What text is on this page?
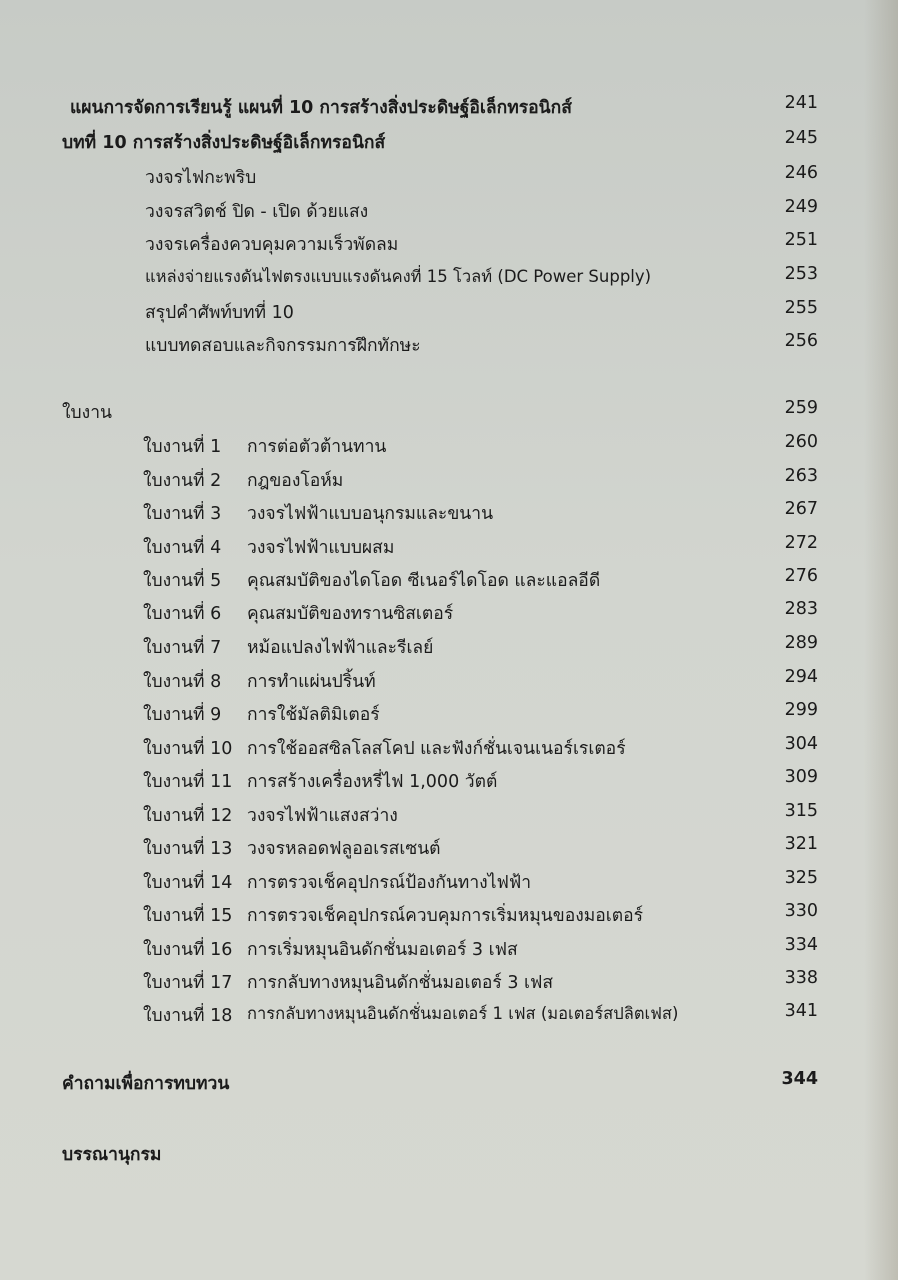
แผนการจัดการเรียนรู้ แผนที่ 10 การสร้างสิ่งประดิษฐ์อิเล็กทรอนิกส์	241
บทที่ 10 การสร้างสิ่งประดิษฐ์อิเล็กทรอนิกส์	245
วงจรไฟกะพริบ	246
วงจรสวิตช์ ปิด - เปิด ด้วยแสง	249
วงจรเครื่องควบคุมความเร็วพัดลม	251
แหล่งจ่ายแรงดันไฟตรงแบบแรงดันคงที่ 15 โวลท์ (DC Power Supply)	253
สรุปคำศัพท์บทที่ 10	255
แบบทดสอบและกิจกรรมการฝึกทักษะ	256
ใบงาน	259
ใบงานที่ 1 การต่อตัวต้านทาน	260
ใบงานที่ 2 กฎของโอห์ม	263
ใบงานที่ 3 วงจรไฟฟ้าแบบอนุกรมและขนาน	267
ใบงานที่ 4 วงจรไฟฟ้าแบบผสม	272
ใบงานที่ 5 คุณสมบัติของไดโอด ซีเนอร์ไดโอด และแอลอีดี	276
ใบงานที่ 6 คุณสมบัติของทรานซิสเตอร์	283
ใบงานที่ 7 หม้อแปลงไฟฟ้าและรีเลย์	289
ใบงานที่ 8 การทำแผ่นปริ้นท์	294
ใบงานที่ 9 การใช้มัลติมิเตอร์	299
ใบงานที่ 10 การใช้ออสซิลโลสโคป และฟังก์ชั่นเจนเนอร์เรเตอร์	304
ใบงานที่ 11 การสร้างเครื่องหรี่ไฟ 1,000 วัตต์	309
ใบงานที่ 12 วงจรไฟฟ้าแสงสว่าง	315
ใบงานที่ 13 วงจรหลอดฟลูออเรสเซนต์	321
ใบงานที่ 14 การตรวจเช็คอุปกรณ์ป้องกันทางไฟฟ้า	325
ใบงานที่ 15 การตรวจเช็คอุปกรณ์ควบคุมการเริ่มหมุนของมอเตอร์	330
ใบงานที่ 16 การเริ่มหมุนอินดักชั่นมอเตอร์ 3 เฟส	334
ใบงานที่ 17 การกลับทางหมุนอินดักชั่นมอเตอร์ 3 เฟส	338
ใบงานที่ 18 การกลับทางหมุนอินดักชั่นมอเตอร์ 1 เฟส (มอเตอร์สปลิตเฟส)	341
คำถามเพื่อการทบทวน	344
บรรณานุกรม
